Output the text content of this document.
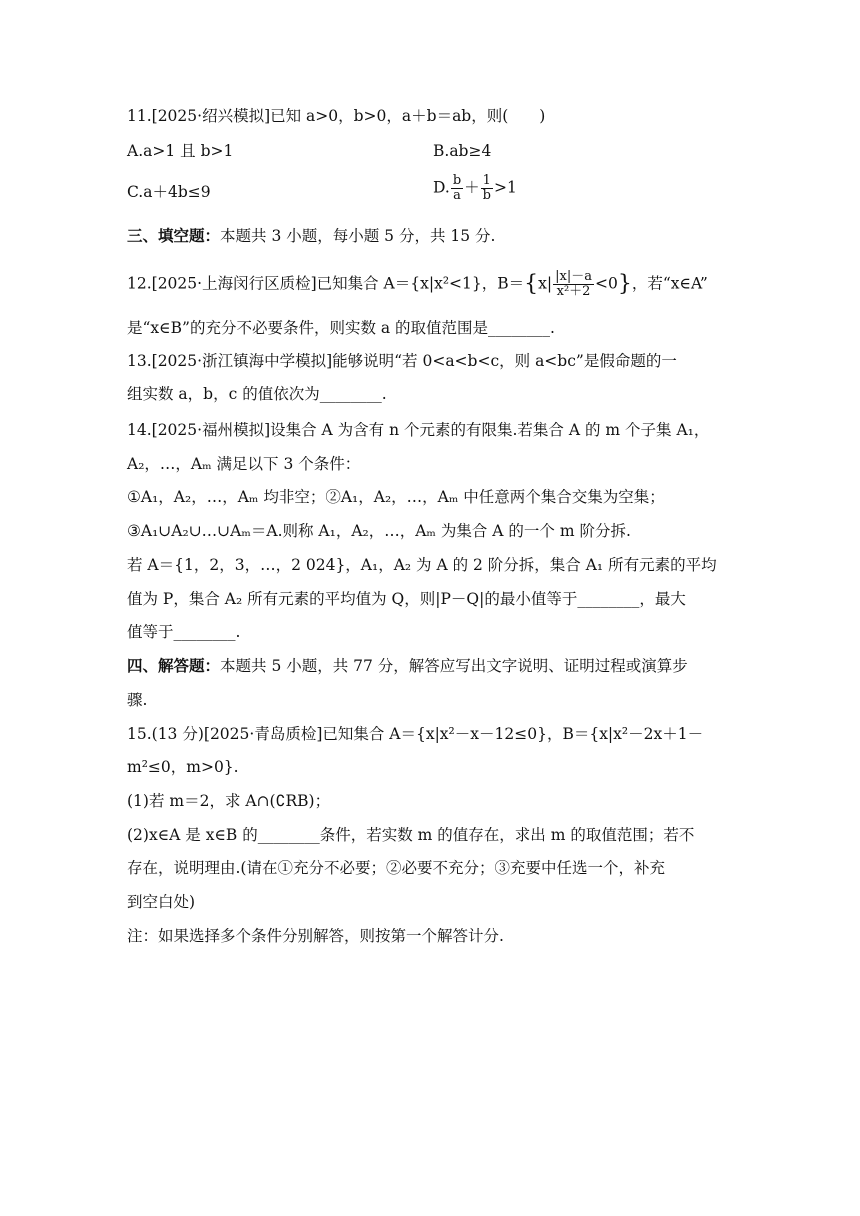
11.[2025·绍兴模拟]已知 a>0，b>0，a＋b＝ab，则(　　)
A.a>1 且 b>1	B.ab≥4
C.a＋4b≤9	D. $\frac{b}{a} + \frac{1}{b} >1$
三、填空题：本题共 3 小题，每小题 5 分，共 15 分.
12.[2025·上海闵行区质检]已知集合 A＝{x|x²<1}，$B=\{x| \frac{|x|-a}{\text{x²＋2}} <0\}$，若“x∈A”
是“x∈B”的充分不必要条件，则实数 a 的取值范围是________.
13.[2025·浙江镇海中学模拟]能够说明“若 0<a<b<c，则 a<bc”是假命题的一
组实数 a，b，c 的值依次为________.
14.[2025·福州模拟]设集合 A 为含有 n 个元素的有限集.若集合 A 的 m 个子集 A₁，
A₂，…，Aₘ 满足以下 3 个条件：
①A₁，A₂，…，Aₘ 均非空；②A₁，A₂，…，Aₘ 中任意两个集合交集为空集；
③A₁∪A₂∪…∪Aₘ＝A.则称 A₁，A₂，…，Aₘ 为集合 A 的一个 m 阶分拆.
若 A＝{1，2，3，…，2 024}，A₁，A₂ 为 A 的 2 阶分拆，集合 A₁ 所有元素的平均
值为 P，集合 A₂ 所有元素的平均值为 Q，则|P－Q|的最小值等于________，最大
值等于________.
四、解答题：本题共 5 小题，共 77 分，解答应写出文字说明、证明过程或演算步
骤.
15.(13 分)[2025·青岛质检]已知集合 A＝{x|x²－x－12≤0}，B＝{x|x²－2x＋1－
m²≤0，m>0}.
(1)若 m＝2，求 A∩(∁RB)；
(2)x∈A 是 x∈B 的________条件，若实数 m 的值存在，求出 m 的取值范围；若不
存在，说明理由.(请在①充分不必要；②必要不充分；③充要中任选一个，补充
到空白处)
注：如果选择多个条件分别解答，则按第一个解答计分.
